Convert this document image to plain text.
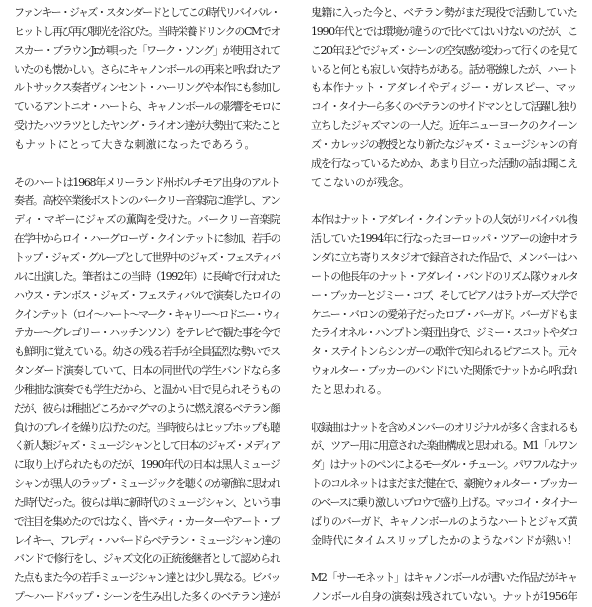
ファンキー・ジャズ・スタンダードとしてこの時代リバイバル・
ヒットし再び再び脚光を浴びた。当時栄養ドリンクのCMでオ
スカー・ブラウンJr.が唄った「ワーク・ソング」が使用されて
いたのも懐かしい。さらにキャノンボールの再来と呼ばれたア
ルトサックス奏者ヴィンセント・ハーリングや本作にも参加し
ているアントニオ・ハートら、キャノンボールの影響をモロに
受けたハツラツとしたヤング・ライオン達が大勢出て来たこと
もナットにとって大きな刺激になったであろう。
そのハートは1968年メリーランド州ボルチモア出身のアルト
奏者。高校卒業後ボストンのバークリー音楽院に進学し、アン
ディ・マギーにジャズの薫陶を受けた。バークリー音楽院
在学中からロイ・ハーグローヴ・クインテットに参加、若手の
トップ・ジャズ・グループとして世界中のジャズ・フェスティバ
ルに出演した。筆者はこの当時（1992年）に長崎で行われた
ハウス・テンボス・ジャズ・フェスティバルで演奏したロイの
クインテット（ロイ〜ハート〜マーク・キャリー〜ロドニー・ウィ
テカー〜グレゴリー・ハッチンソン）をテレビで観た事を今で
も鮮明に覚えている。幼さの残る若手が全員猛烈な勢いでス
タンダード演奏していて、日本の同世代の学生バンドなら多
少稚拙な演奏でも学生だから、と温かい目で見られそうもの
だが、彼らは稚拙どころかマグマのように燃え滾るベテラン顔
負けのプレイを繰り広げたのだ。当時彼らはヒップホップも聴
く新人類ジャズ・ミュージシャンとして日本のジャズ・メディア
に取り上げられたものだが、1990年代の日本は黒人ミュージ
シャンが黒人のラップ・ミュージックを聴くのが新鮮に思われ
た時代だった。彼らは単に新時代のミュージシャン、という事
で注目を集めたのではなく、皆ベティ・カーターやアート・ブ
レイキー、フレディ・ハバードらベテラン・ミュージシャン達の
バンドで修行をし、ジャズ文化の正統後継者として認められ
た点もまた今の若手ミュージシャン達とは少し異なる。ビバッ
プ〜ハードバップ・シーンを生み出した多くのベテラン達が
鬼籍に入った今と、ベテラン勢がまだ現役で活動していた
1990年代とでは環境が違うので比べてはいけないのだが、こ
こ20年ほどでジャズ・シーンの空気感が変わって行くのを見て
いると何とも寂しい気持ちがある。話が脱線したが、ハート
も本作ナット・アダレイやディジー・ガレスピー、マッ
コイ・タイナーら多くのベテランのサイドマンとして活躍し独り
立ちしたジャズマンの一人だ。近年ニューヨークのクイーン
ズ・カレッジの教授となり新たなジャズ・ミュージシャンの育
成を行なっているためか、あまり目立った活動の話は聞こえ
てこないのが残念。
本作はナット・アダレイ・クインテットの人気がリバイバル復
活していた1994年に行なったヨーロッパ・ツアーの途中オラ
ンダに立ち寄りスタジオで録音された作品で、メンバーはハ
ートの他長年のナット・アダレイ・バンドのリズム隊ウォルタ
ー・ブッカーとジミー・コブ、そしてピアノはラトガーズ大学で
ケニー・バロンの愛弟子だったロブ・バーガド。バーガドもま
たライオネル・ハンプトン楽団出身で、ジミー・スコットやダコ
タ・ステイトンらシンガーの歌伴で知られるピアニスト。元々
ウォルター・ブッカーのバンドにいた関係でナットから呼ばれ
たと思われる。
収録曲はナットを含めメンバーのオリジナルが多く含まれるも
が、ツアー用に用意された楽曲構成と思われる。M1「ルワン
ダ」はナットのペンによるモーダル・チューン。パワフルなナッ
トのコルネットはまだまだ健在で、豪腕ウォルター・ブッカー
のベースに乗り激しいブロウで盛り上げる。マッコイ・タイナー
ばりのバーガド、キャノンボールのようなハートとジャズ黄
金時代にタイムスリップしたかのようなバンドが熱い！
M2「サーモネット」はキャノンボールが書いた作品だがキャ
ノンボール自身の演奏は残されていない。ナットが1956年
